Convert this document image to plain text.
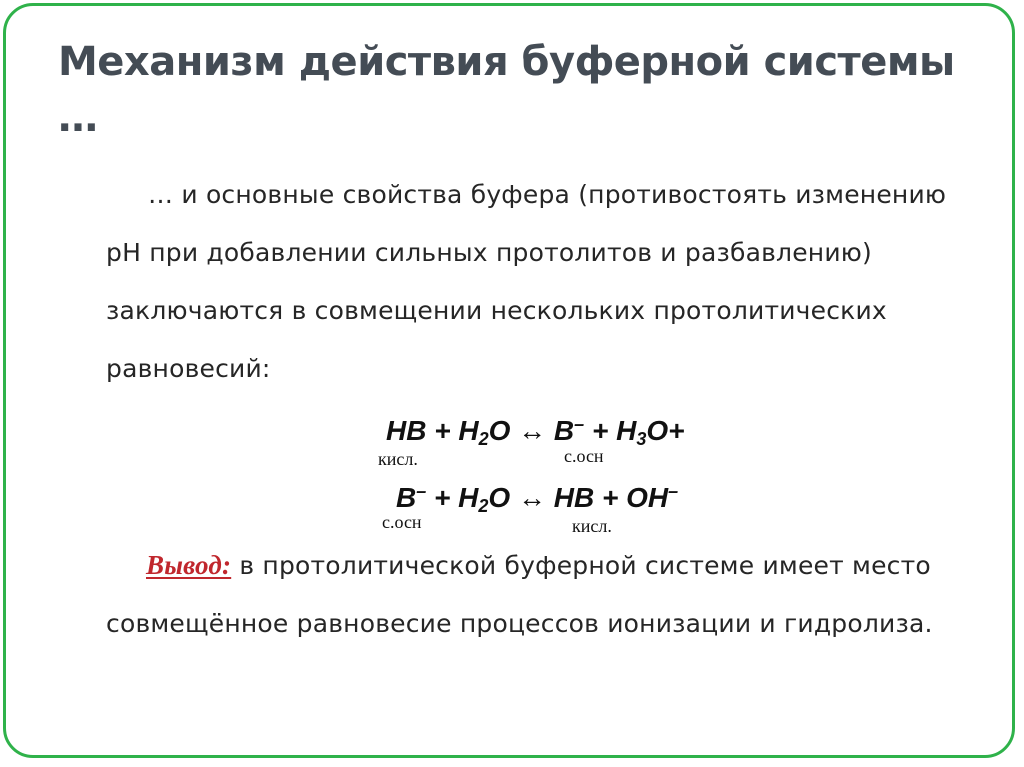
Механизм действия буферной системы …
… и основные свойства буфера (противостоять изменению pH при добавлении сильных протолитов и разбавлению) заключаются в совмещении нескольких протолитических равновесий:
HB + $H_2O$ ↔ $B^- + H_3O+$
кисл.	с.осн
$B^- + H_2O$ ↔ HB + OH–
с.осн	кисл.
Вывод: в протолитической буферной системе имеет место совмещённое равновесие процессов ионизации и гидролиза.
